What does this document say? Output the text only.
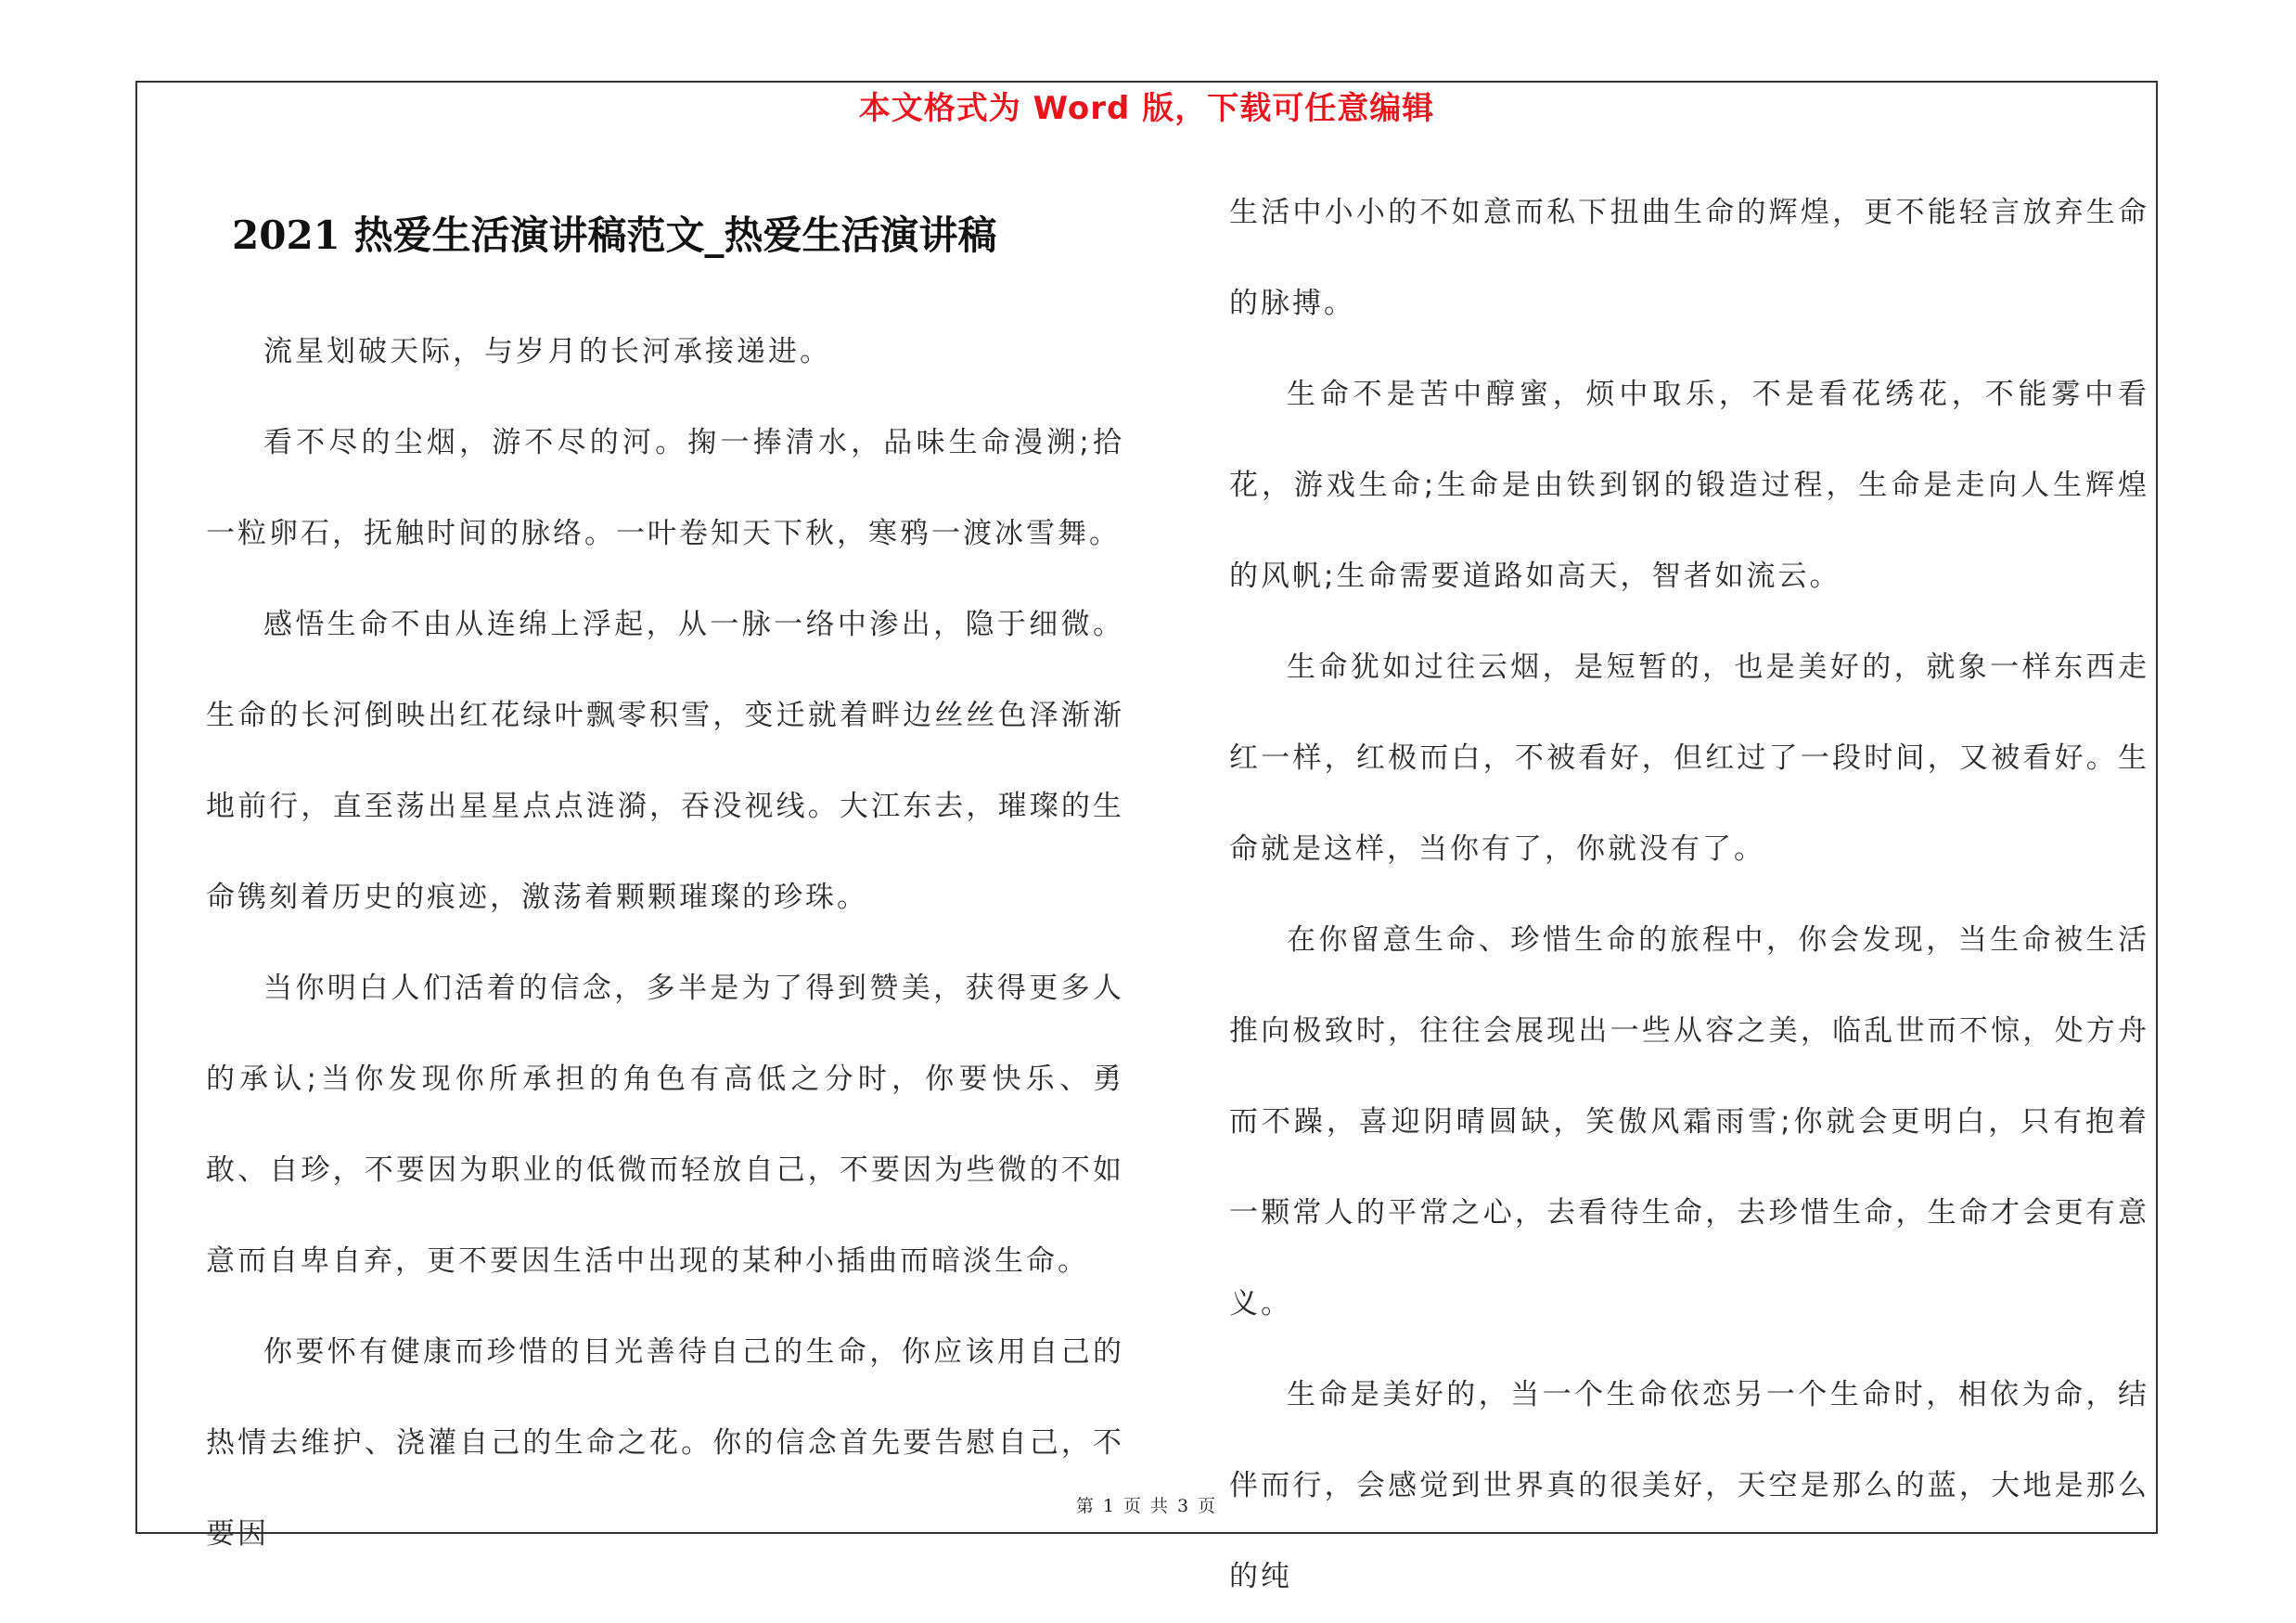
本文格式为 Word 版，下载可任意编辑
2021 热爱生活演讲稿范文_热爱生活演讲稿

流星划破天际，与岁月的长河承接递进。

看不尽的尘烟，游不尽的河。掬一捧清水，品味生命漫溯;拾一粒卵石，抚触时间的脉络。一叶卷知天下秋，寒鸦一渡冰雪舞。

感悟生命不由从连绵上浮起，从一脉一络中渗出，隐于细微。生命的长河倒映出红花绿叶飘零积雪，变迁就着畔边丝丝色泽渐渐地前行，直至荡出星星点点涟漪，吞没视线。大江东去，璀璨的生命镌刻着历史的痕迹，激荡着颗颗璀璨的珍珠。

当你明白人们活着的信念，多半是为了得到赞美，获得更多人的承认;当你发现你所承担的角色有高低之分时，你要快乐、勇敢、自珍，不要因为职业的低微而轻放自己，不要因为些微的不如意而自卑自弃，更不要因生活中出现的某种小插曲而暗淡生命。

你要怀有健康而珍惜的目光善待自己的生命，你应该用自己的热情去维护、浇灌自己的生命之花。你的信念首先要告慰自己，不要因

生活中小小的不如意而私下扭曲生命的辉煌，更不能轻言放弃生命的脉搏。

生命不是苦中醇蜜，烦中取乐，不是看花绣花，不能雾中看花，游戏生命;生命是由铁到钢的锻造过程，生命是走向人生辉煌的风帆;生命需要道路如高天，智者如流云。

生命犹如过往云烟，是短暂的，也是美好的，就象一样东西走红一样，红极而白，不被看好，但红过了一段时间，又被看好。生命就是这样，当你有了，你就没有了。

在你留意生命、珍惜生命的旅程中，你会发现，当生命被生活推向极致时，往往会展现出一些从容之美，临乱世而不惊，处方舟而不躁，喜迎阴晴圆缺，笑傲风霜雨雪;你就会更明白，只有抱着一颗常人的平常之心，去看待生命，去珍惜生命，生命才会更有意义。

生命是美好的，当一个生命依恋另一个生命时，相依为命，结伴而行，会感觉到世界真的很美好，天空是那么的蓝，大地是那么的纯

第 1 页 共 3 页
